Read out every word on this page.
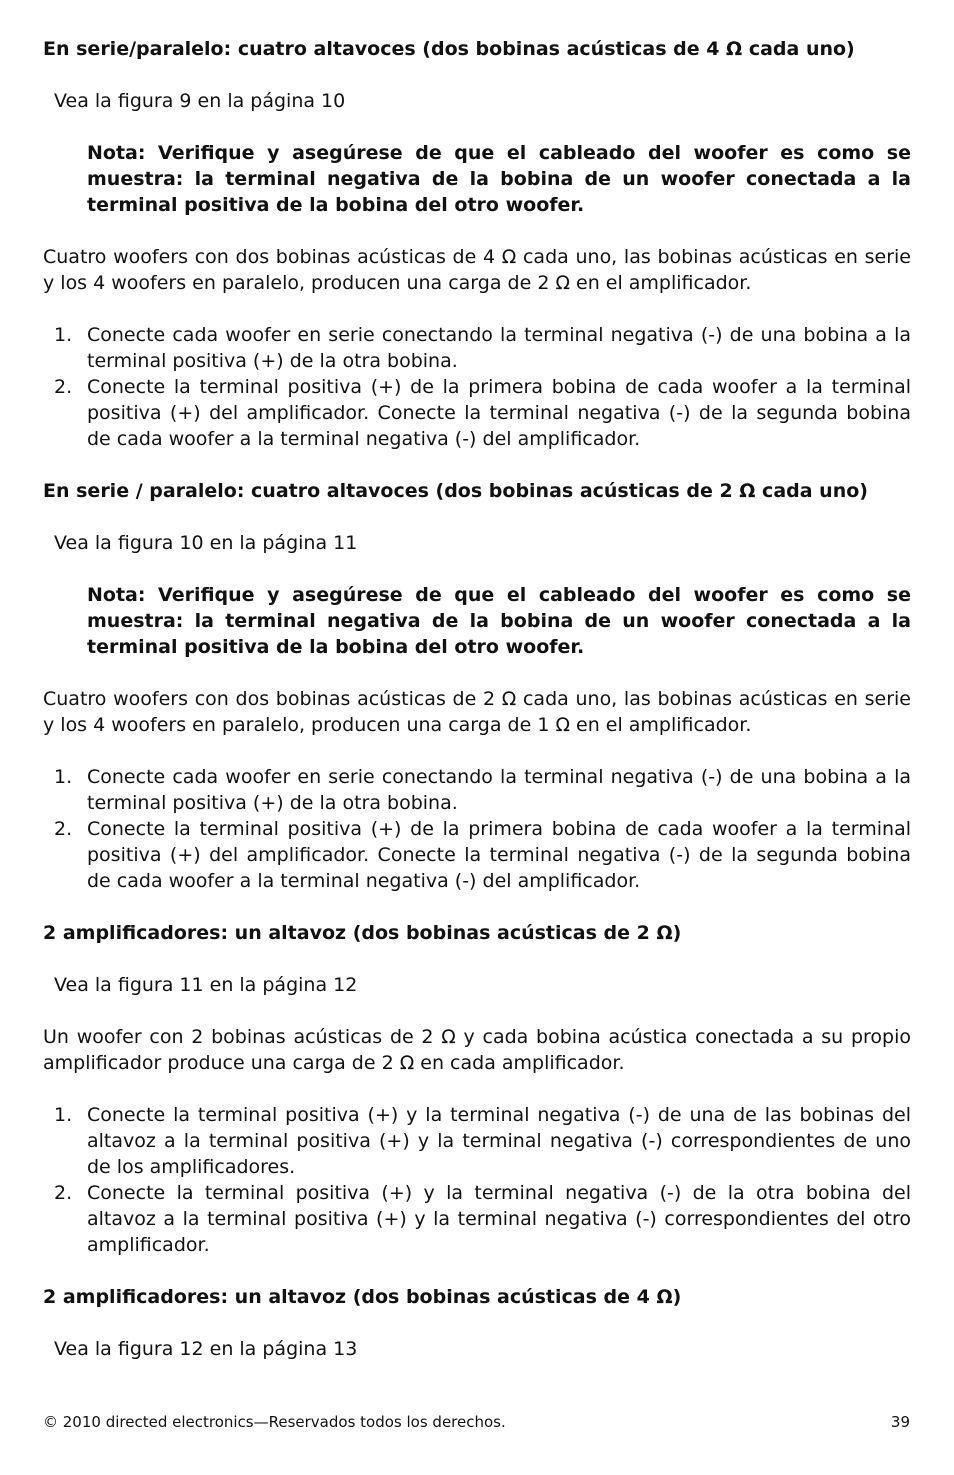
En serie/paralelo: cuatro altavoces (dos bobinas acústicas de 4 Ω cada uno)

Vea la figura 9 en la página 10

Nota: Verifique y asegúrese de que el cableado del woofer es como se muestra: la terminal negativa de la bobina de un woofer conectada a la terminal positiva de la bobina del otro woofer.

Cuatro woofers con dos bobinas acústicas de 4 Ω cada uno, las bobinas acústicas en serie y los 4 woofers en paralelo, producen una carga de 2 Ω en el amplificador.

1. Conecte cada woofer en serie conectando la terminal negativa (-) de una bobina a la terminal positiva (+) de la otra bobina.
2. Conecte la terminal positiva (+) de la primera bobina de cada woofer a la terminal positiva (+) del amplificador. Conecte la terminal negativa (-) de la segunda bobina de cada woofer a la terminal negativa (-) del amplificador.

En serie / paralelo: cuatro altavoces (dos bobinas acústicas de 2 Ω cada uno)

Vea la figura 10 en la página 11

Nota: Verifique y asegúrese de que el cableado del woofer es como se muestra: la terminal negativa de la bobina de un woofer conectada a la terminal positiva de la bobina del otro woofer.

Cuatro woofers con dos bobinas acústicas de 2 Ω cada uno, las bobinas acústicas en serie y los 4 woofers en paralelo, producen una carga de 1 Ω en el amplificador.

1. Conecte cada woofer en serie conectando la terminal negativa (-) de una bobina a la terminal positiva (+) de la otra bobina.
2. Conecte la terminal positiva (+) de la primera bobina de cada woofer a la terminal positiva (+) del amplificador. Conecte la terminal negativa (-) de la segunda bobina de cada woofer a la terminal negativa (-) del amplificador.

2 amplificadores: un altavoz (dos bobinas acústicas de 2 Ω)

Vea la figura 11 en la página 12

Un woofer con 2 bobinas acústicas de 2 Ω y cada bobina acústica conectada a su propio amplificador produce una carga de 2 Ω en cada amplificador.

1. Conecte la terminal positiva (+) y la terminal negativa (-) de una de las bobinas del altavoz a la terminal positiva (+) y la terminal negativa (-) correspondientes de uno de los amplificadores.
2. Conecte la terminal positiva (+) y la terminal negativa (-) de la otra bobina del altavoz a la terminal positiva (+) y la terminal negativa (-) correspondientes del otro amplificador.

2 amplificadores: un altavoz (dos bobinas acústicas de 4 Ω)

Vea la figura 12 en la página 13

© 2010 directed electronics—Reservados todos los derechos.	39
